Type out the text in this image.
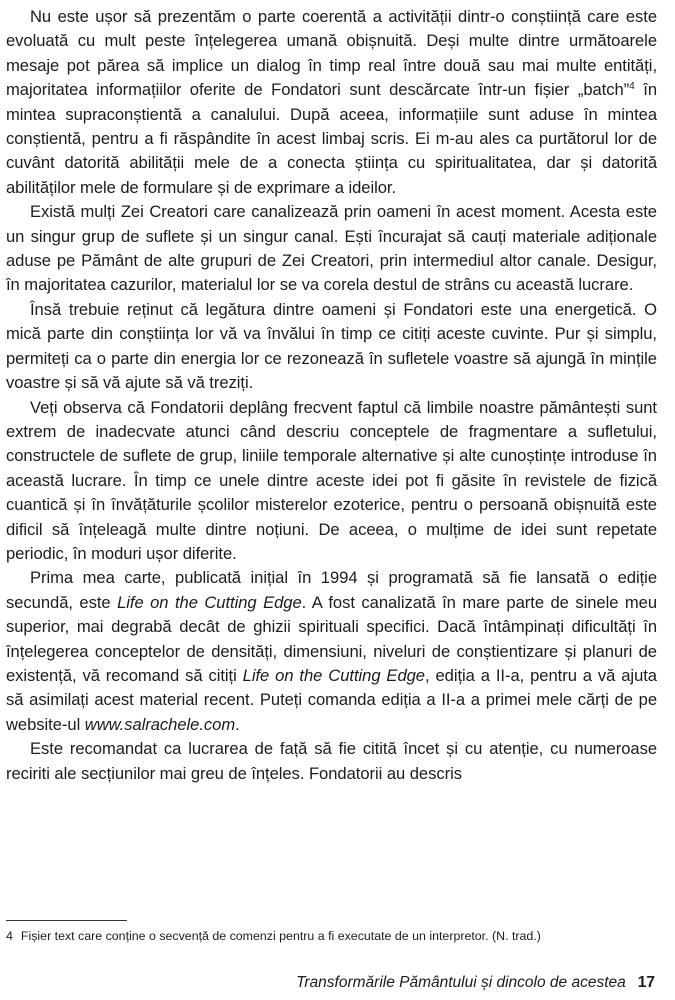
Nu este ușor să prezentăm o parte coerentă a activității dintr-o conștiință care este evoluată cu mult peste înțelegerea umană obișnuită. Deși multe dintre următoarele mesaje pot părea să implice un dialog în timp real între două sau mai multe entități, majoritatea informațiilor oferite de Fondatori sunt descărcate într-un fișier „batch”$^4$ în mintea supraconștientă a canalului. După aceea, informațiile sunt aduse în mintea conștientă, pentru a fi răspândite în acest limbaj scris. Ei m-au ales ca purtătorul lor de cuvânt datorită abilității mele de a conecta știința cu spiritualitatea, dar și datorită abilităților mele de formulare și de exprimare a ideilor.

Există mulți Zei Creatori care canalizează prin oameni în acest moment. Acesta este un singur grup de suflete și un singur canal. Ești încurajat să cauți materiale adiționale aduse pe Pământ de alte grupuri de Zei Creatori, prin intermediul altor canale. Desigur, în majoritatea cazurilor, materialul lor se va corela destul de strâns cu această lucrare.

Însă trebuie reținut că legătura dintre oameni și Fondatori este una energetică. O mică parte din conștiința lor vă va învălui în timp ce citiți aceste cuvinte. Pur și simplu, permiteți ca o parte din energia lor ce rezonează în sufletele voastre să ajungă în mințile voastre și să vă ajute să vă treziți.

Veți observa că Fondatorii deplâng frecvent faptul că limbile noastre pământești sunt extrem de inadecvate atunci când descriu conceptele de fragmentare a sufletului, constructele de suflete de grup, liniile temporale alternative și alte cunoștințe introduse în această lucrare. În timp ce unele dintre aceste idei pot fi găsite în revistele de fizică cuantică și în învățăturile școlilor misterelor ezoterice, pentru o persoană obișnuită este dificil să înțeleagă multe dintre noțiuni. De aceea, o mulțime de idei sunt repetate periodic, în moduri ușor diferite.

Prima mea carte, publicată inițial în 1994 și programată să fie lansată o ediție secundă, este Life on the Cutting Edge. A fost canalizată în mare parte de sinele meu superior, mai degrabă decât de ghizii spirituali specifici. Dacă întâmpinați dificultăți în înțelegerea conceptelor de densități, dimensiuni, niveluri de conștientizare și planuri de existență, vă recomand să citiți Life on the Cutting Edge, ediția a II-a, pentru a vă ajuta să asimilați acest material recent. Puteți comanda ediția a II-a a primei mele cărți de pe website-ul www.salrachele.com.

Este recomandat ca lucrarea de față să fie citită încet și cu atenție, cu numeroase reciriti ale secțiunilor mai greu de înțeles. Fondatorii au descris

4 Fișier text care conține o secvență de comenzi pentru a fi executate de un interpretor. (N. trad.)

Transformările Pământului și dincolo de acestea 17
